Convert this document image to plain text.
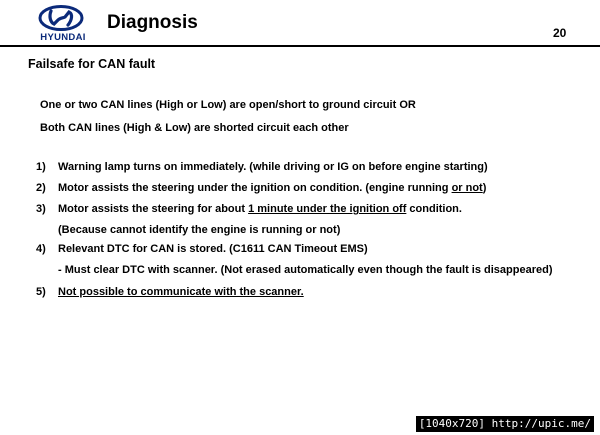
HYUNDAI
Diagnosis	20
Failsafe for CAN fault
One or two CAN lines (High or Low) are open/short to ground circuit OR
Both CAN lines (High & Low) are shorted circuit each other
1) Warning lamp turns on immediately. (while driving or IG on before engine starting)
2) Motor assists the steering under the ignition on condition. (engine running or not)
3) Motor assists the steering for about 1 minute under the ignition off condition.
(Because cannot identify the engine is running or not)
4) Relevant DTC for CAN is stored. (C1611 CAN Timeout EMS)
- Must clear DTC with scanner. (Not erased automatically even though the fault is disappeared)
5) Not possible to communicate with the scanner.
[1040x720] http://upic.me/
